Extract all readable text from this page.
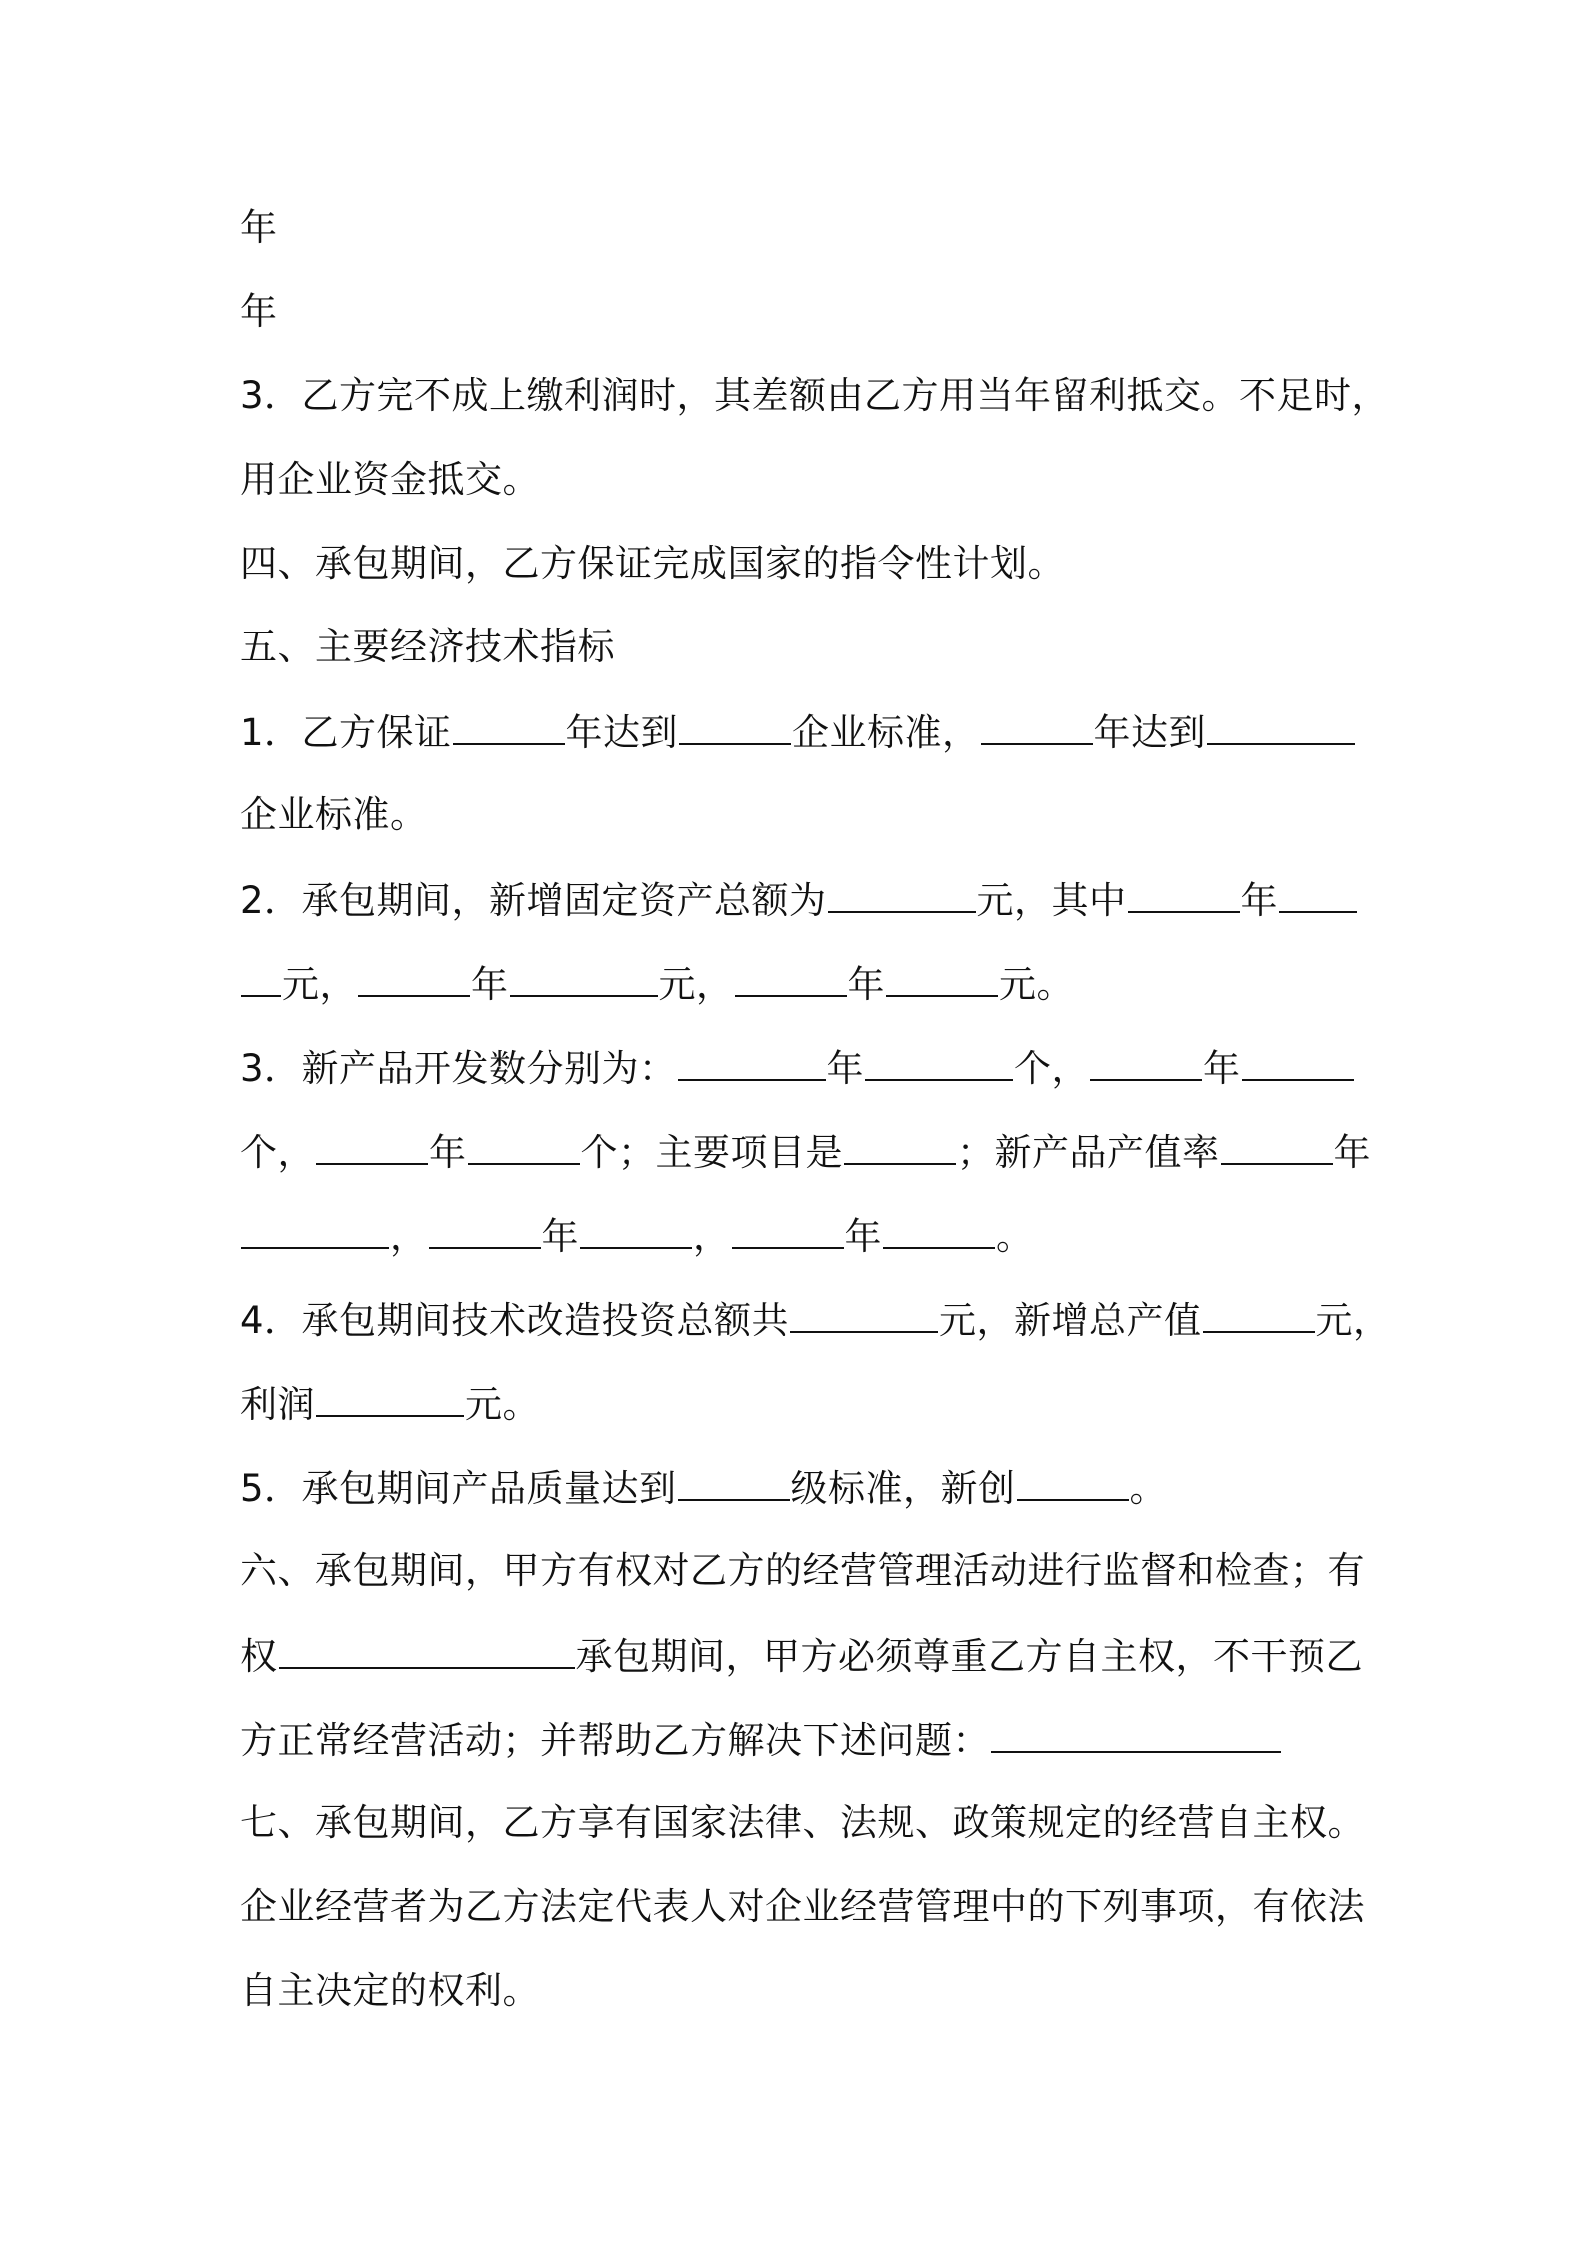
年
年
3．乙方完不成上缴利润时，其差额由乙方用当年留利抵交。不足时，
用企业资金抵交。
四、承包期间，乙方保证完成国家的指令性计划。
五、主要经济技术指标
1．乙方保证	年达到	企业标准，	年达到
企业标准。
2．承包期间，新增固定资产总额为	元，其中	年
元，	年	元，	年	元。
3．新产品开发数分别为：	年	个，	年
个，	年	个；主要项目是	；新产品产值率	年
，	年	，	年	。
4．承包期间技术改造投资总额共	元，新增总产值	元，
利润	元。
5．承包期间产品质量达到	级标准，新创	。
六、承包期间，甲方有权对乙方的经营管理活动进行监督和检查；有
权	承包期间，甲方必须尊重乙方自主权，不干预乙
方正常经营活动；并帮助乙方解决下述问题：
七、承包期间，乙方享有国家法律、法规、政策规定的经营自主权。
企业经营者为乙方法定代表人对企业经营管理中的下列事项，有依法
自主决定的权利。
